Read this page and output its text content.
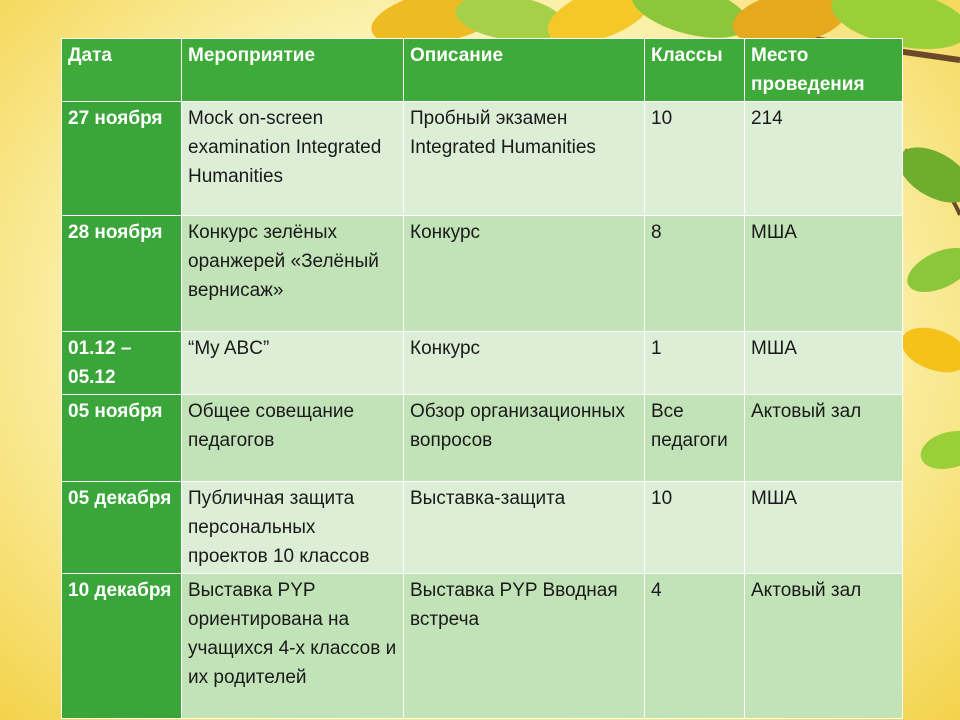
Дата	Мероприятие	Описание	Классы	Место проведения
27 ноября	Mock on-screen examination Integrated Humanities	Пробный экзамен Integrated Humanities	10	214
28 ноября	Конкурс зелёных оранжерей «Зелёный вернисаж»	Конкурс	8	МША
01.12 – 05.12	“My ABC”	Конкурс	1	МША
05 ноября	Общее совещание педагогов	Обзор организационных вопросов	Все педагоги	Актовый зал
05 декабря	Публичная защита персональных проектов 10 классов	Выставка-защита	10	МША
10 декабря	Выставка PYP ориентирована на учащихся 4-х классов и их родителей	Выставка PYP Вводная встреча	4	Актовый зал
